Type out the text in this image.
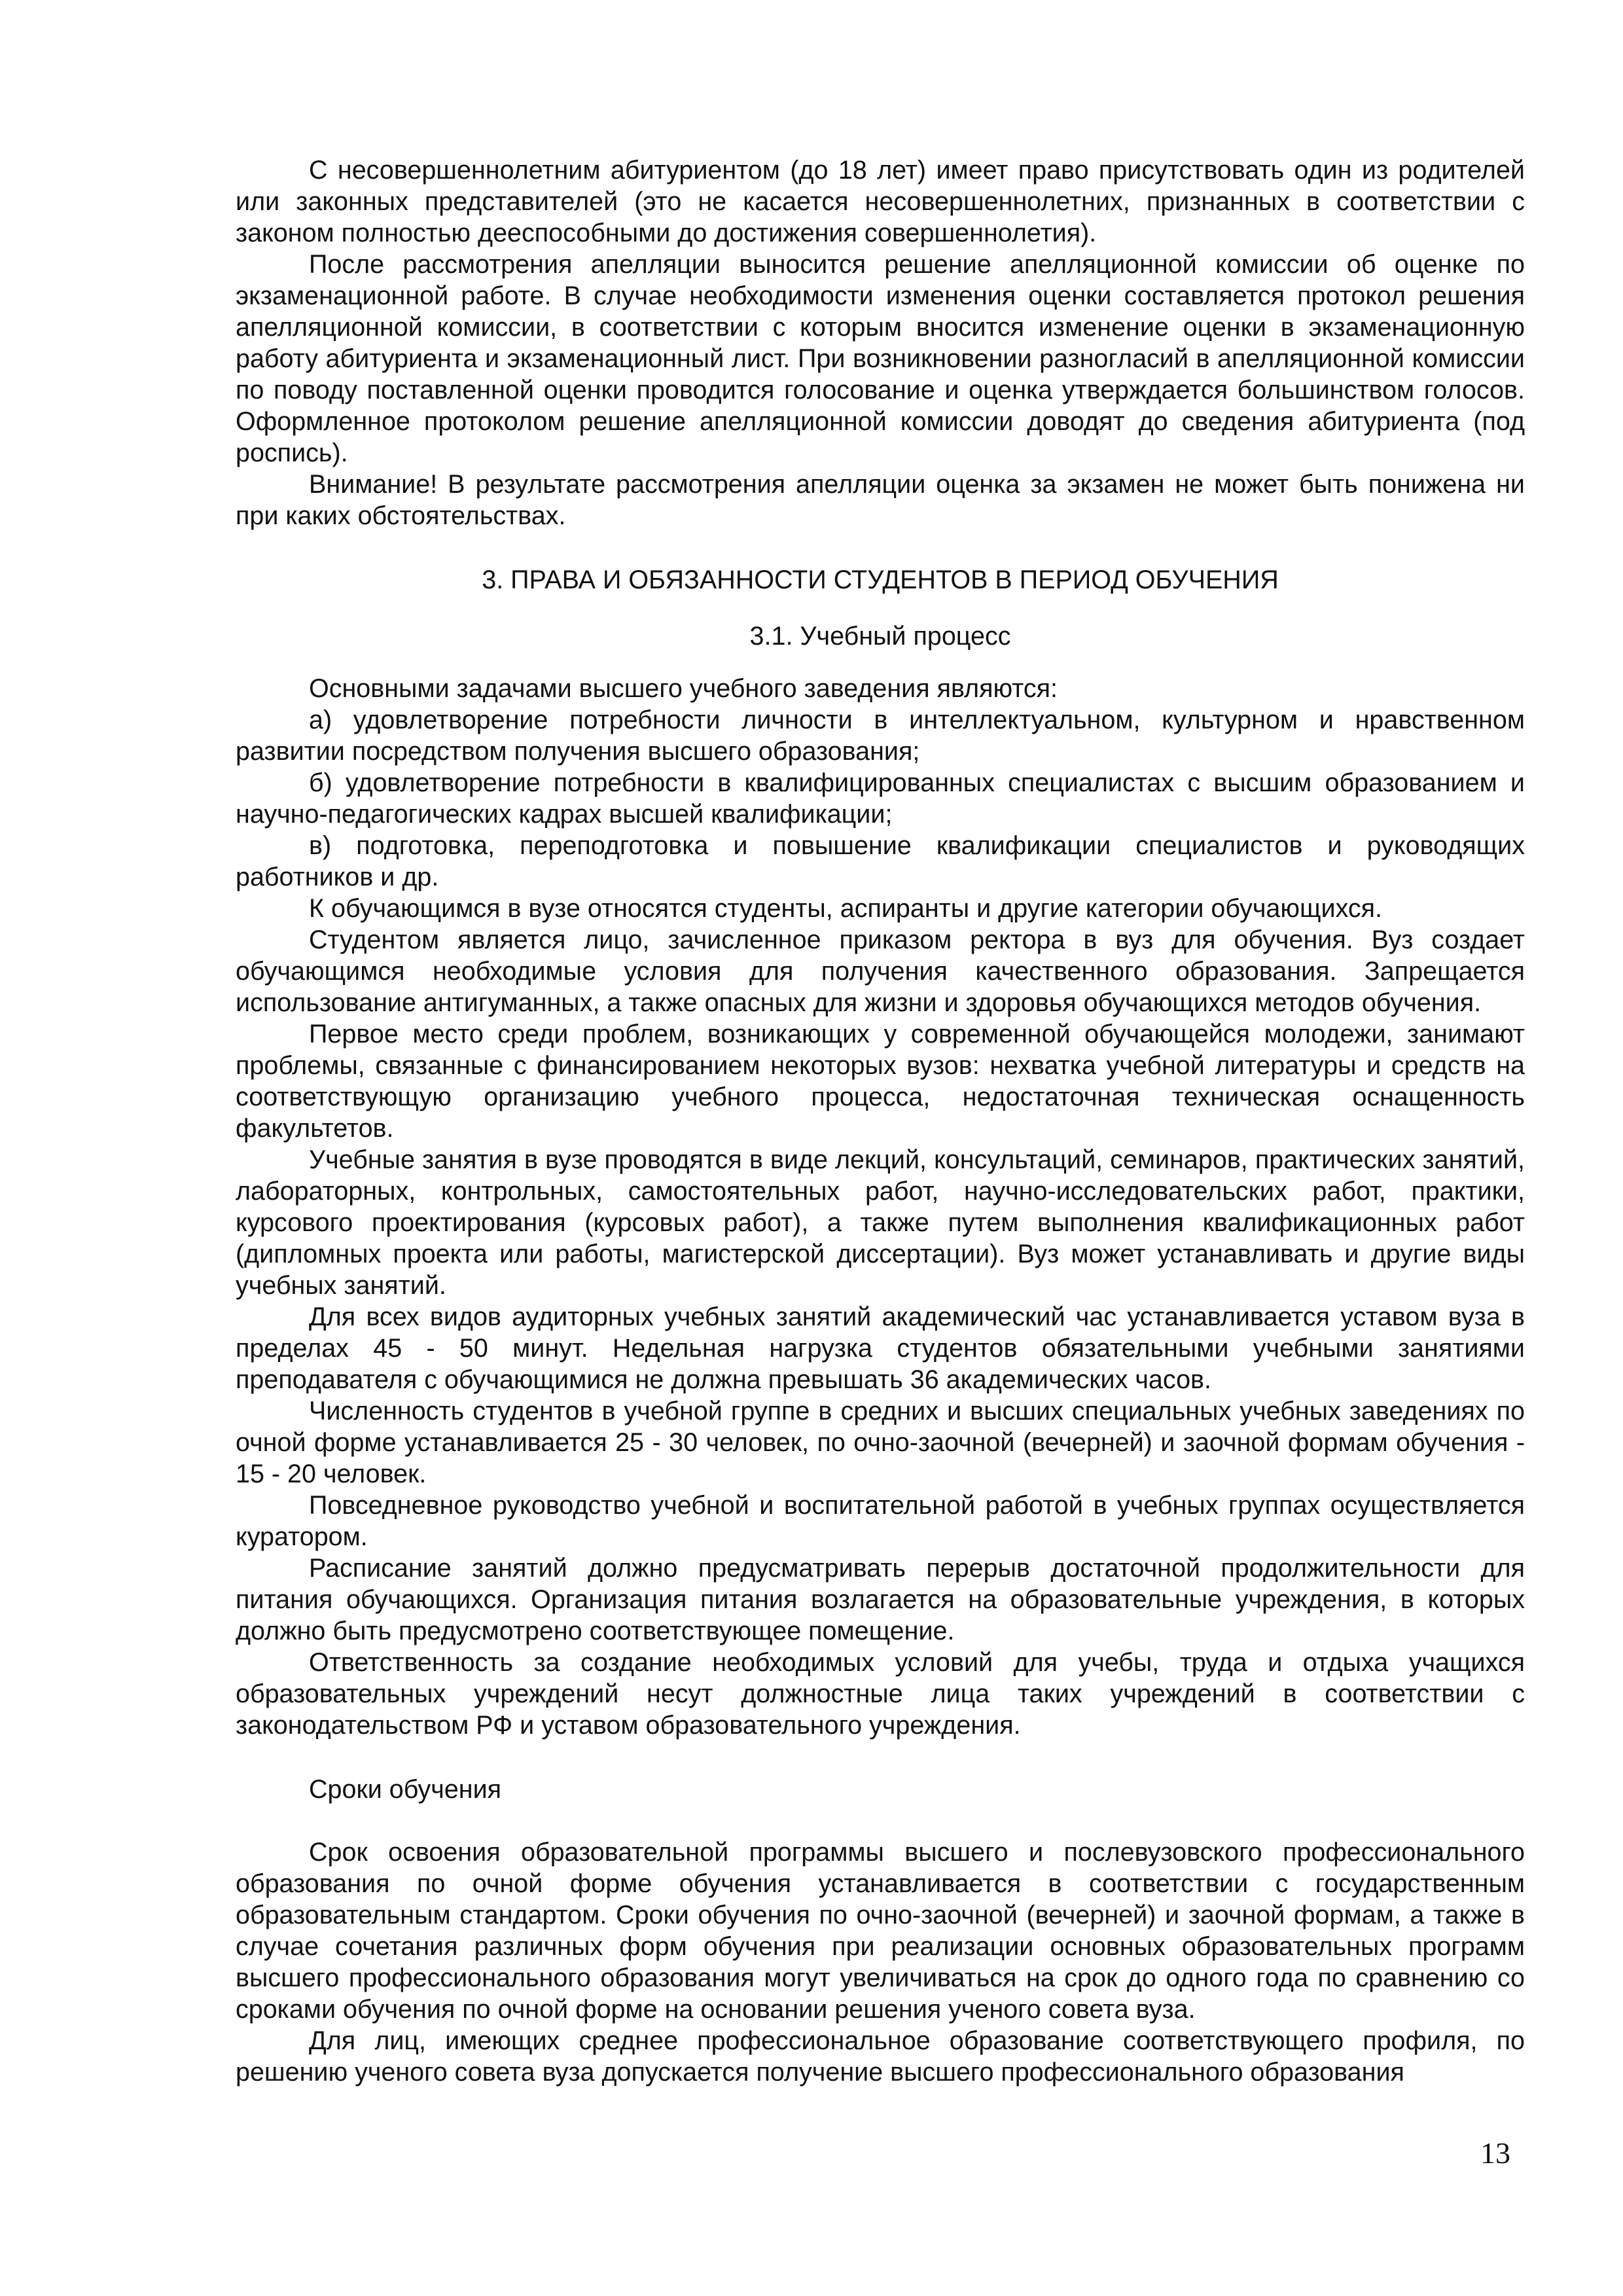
С несовершеннолетним абитуриентом (до 18 лет) имеет право присутствовать один из родителей или законных представителей (это не касается несовершеннолетних, признанных в соответствии с законом полностью дееспособными до достижения совершеннолетия).

После рассмотрения апелляции выносится решение апелляционной комиссии об оценке по экзаменационной работе. В случае необходимости изменения оценки составляется протокол решения апелляционной комиссии, в соответствии с которым вносится изменение оценки в экзаменационную работу абитуриента и экзаменационный лист. При возникновении разногласий в апелляционной комиссии по поводу поставленной оценки проводится голосование и оценка утверждается большинством голосов. Оформленное протоколом решение апелляционной комиссии доводят до сведения абитуриента (под роспись).

Внимание! В результате рассмотрения апелляции оценка за экзамен не может быть понижена ни при каких обстоятельствах.

3. ПРАВА И ОБЯЗАННОСТИ СТУДЕНТОВ В ПЕРИОД ОБУЧЕНИЯ

3.1. Учебный процесс

Основными задачами высшего учебного заведения являются:

а) удовлетворение потребности личности в интеллектуальном, культурном и нравственном развитии посредством получения высшего образования;

б) удовлетворение потребности в квалифицированных специалистах с высшим образованием и научно-педагогических кадрах высшей квалификации;

в) подготовка, переподготовка и повышение квалификации специалистов и руководящих работников и др.

К обучающимся в вузе относятся студенты, аспиранты и другие категории обучающихся.

Студентом является лицо, зачисленное приказом ректора в вуз для обучения. Вуз создает обучающимся необходимые условия для получения качественного образования. Запрещается использование антигуманных, а также опасных для жизни и здоровья обучающихся методов обучения.

Первое место среди проблем, возникающих у современной обучающейся молодежи, занимают проблемы, связанные с финансированием некоторых вузов: нехватка учебной литературы и средств на соответствующую организацию учебного процесса, недостаточная техническая оснащенность факультетов.

Учебные занятия в вузе проводятся в виде лекций, консультаций, семинаров, практических занятий, лабораторных, контрольных, самостоятельных работ, научно-исследовательских работ, практики, курсового проектирования (курсовых работ), а также путем выполнения квалификационных работ (дипломных проекта или работы, магистерской диссертации). Вуз может устанавливать и другие виды учебных занятий.

Для всех видов аудиторных учебных занятий академический час устанавливается уставом вуза в пределах 45 - 50 минут. Недельная нагрузка студентов обязательными учебными занятиями преподавателя с обучающимися не должна превышать 36 академических часов.

Численность студентов в учебной группе в средних и высших специальных учебных заведениях по очной форме устанавливается 25 - 30 человек, по очно-заочной (вечерней) и заочной формам обучения - 15 - 20 человек.

Повседневное руководство учебной и воспитательной работой в учебных группах осуществляется куратором.

Расписание занятий должно предусматривать перерыв достаточной продолжительности для питания обучающихся. Организация питания возлагается на образовательные учреждения, в которых должно быть предусмотрено соответствующее помещение.

Ответственность за создание необходимых условий для учебы, труда и отдыха учащихся образовательных учреждений несут должностные лица таких учреждений в соответствии с законодательством РФ и уставом образовательного учреждения.

Сроки обучения

Срок освоения образовательной программы высшего и послевузовского профессионального образования по очной форме обучения устанавливается в соответствии с государственным образовательным стандартом. Сроки обучения по очно-заочной (вечерней) и заочной формам, а также в случае сочетания различных форм обучения при реализации основных образовательных программ высшего профессионального образования могут увеличиваться на срок до одного года по сравнению со сроками обучения по очной форме на основании решения ученого совета вуза.

Для лиц, имеющих среднее профессиональное образование соответствующего профиля, по решению ученого совета вуза допускается получение высшего профессионального образования

13
